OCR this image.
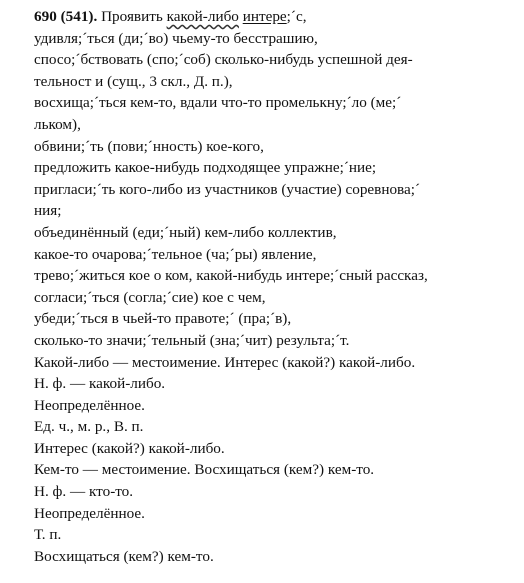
690 (541). Проявить какой-либо интере;´с,
удивля;´ться (ди;´во) чьему-то бесстрашию,
спосо;´бствовать (спо;´соб) сколько-нибудь успешной дея-
тельност и (сущ., 3 скл., Д. п.),
восхища;´ться кем-то, вдали что-то промелькну;´ло (ме;´
льком),
обвини;´ть (пови;´нность) кое-кого,
предложить какое-нибудь подходящее упражне;´ние;
пригласи;´ть кого-либо из участников (участие) соревнова;´
ния;
объединённый (еди;´ный) кем-либо коллектив,
какое-то очарова;´тельное (ча;´ры) явление,
трево;´житься кое о ком, какой-нибудь интере;´сный рассказ,
согласи;´ться (согла;´сие) кое с чем,
убеди;´ться в чьей-то правоте;´ (пра;´в),
сколько-то значи;´тельный (зна;´чит) результа;´т.
Какой-либо — местоимение. Интерес (какой?) какой-либо.
Н. ф. — какой-либо.
Неопределённое.
Ед. ч., м. р., В. п.
Интерес (какой?) какой-либо.
Кем-то — местоимение. Восхищаться (кем?) кем-то.
Н. ф. — кто-то.
Неопределённое.
Т. п.
Восхищаться (кем?) кем-то.
